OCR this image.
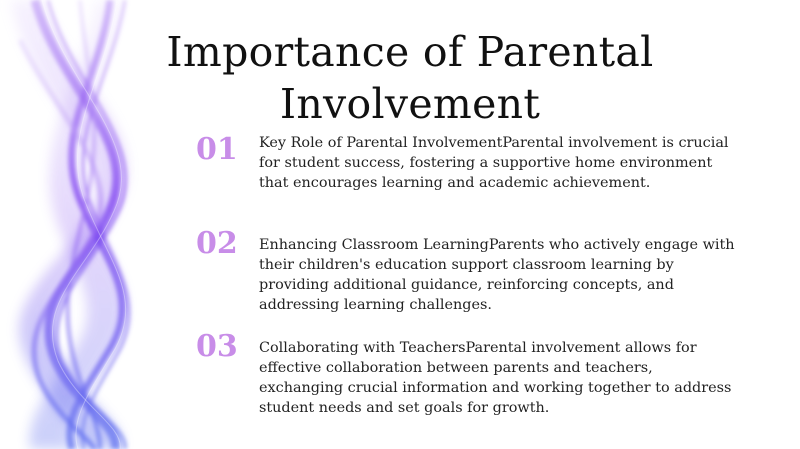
Importance of Parental Involvement
01	Key Role of Parental InvolvementParental involvement is crucial for student success, fostering a supportive home environment that encourages learning and academic achievement.
02	Enhancing Classroom LearningParents who actively engage with their children's education support classroom learning by providing additional guidance, reinforcing concepts, and addressing learning challenges.
03	Collaborating with TeachersParental involvement allows for effective collaboration between parents and teachers, exchanging crucial information and working together to address student needs and set goals for growth.
